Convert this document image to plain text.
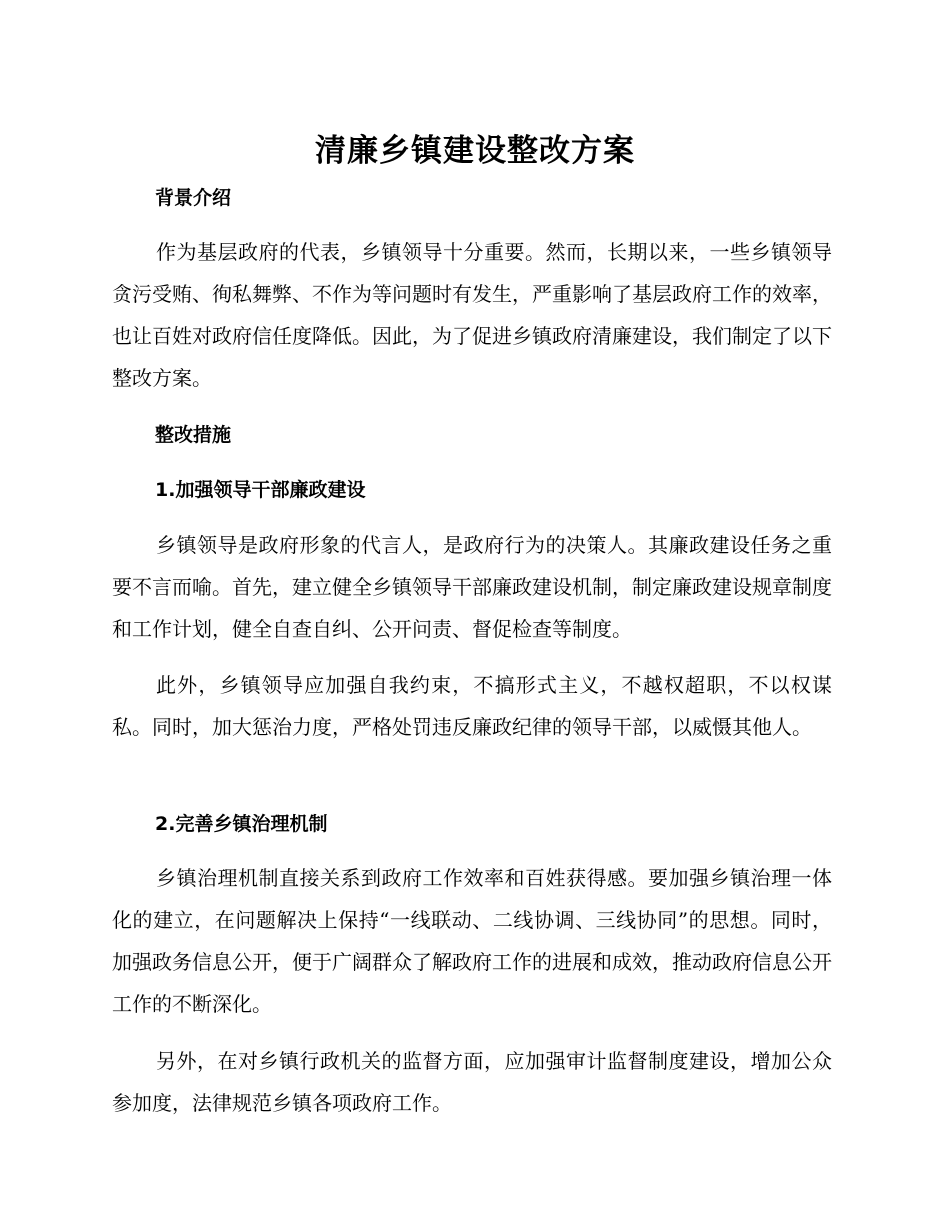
清廉乡镇建设整改方案
背景介绍

作为基层政府的代表，乡镇领导十分重要。然而，长期以来，一些乡镇领导贪污受贿、徇私舞弊、不作为等问题时有发生，严重影响了基层政府工作的效率，也让百姓对政府信任度降低。因此，为了促进乡镇政府清廉建设，我们制定了以下整改方案。

整改措施
1.加强领导干部廉政建设

乡镇领导是政府形象的代言人，是政府行为的决策人。其廉政建设任务之重要不言而喻。首先，建立健全乡镇领导干部廉政建设机制，制定廉政建设规章制度和工作计划，健全自查自纠、公开问责、督促检查等制度。

此外，乡镇领导应加强自我约束，不搞形式主义，不越权超职，不以权谋私。同时，加大惩治力度，严格处罚违反廉政纪律的领导干部，以威慑其他人。

2.完善乡镇治理机制

乡镇治理机制直接关系到政府工作效率和百姓获得感。要加强乡镇治理一体化的建立，在问题解决上保持“一线联动、二线协调、三线协同”的思想。同时，加强政务信息公开，便于广阔群众了解政府工作的进展和成效，推动政府信息公开工作的不断深化。

另外，在对乡镇行政机关的监督方面，应加强审计监督制度建设，增加公众参加度，法律规范乡镇各项政府工作。
